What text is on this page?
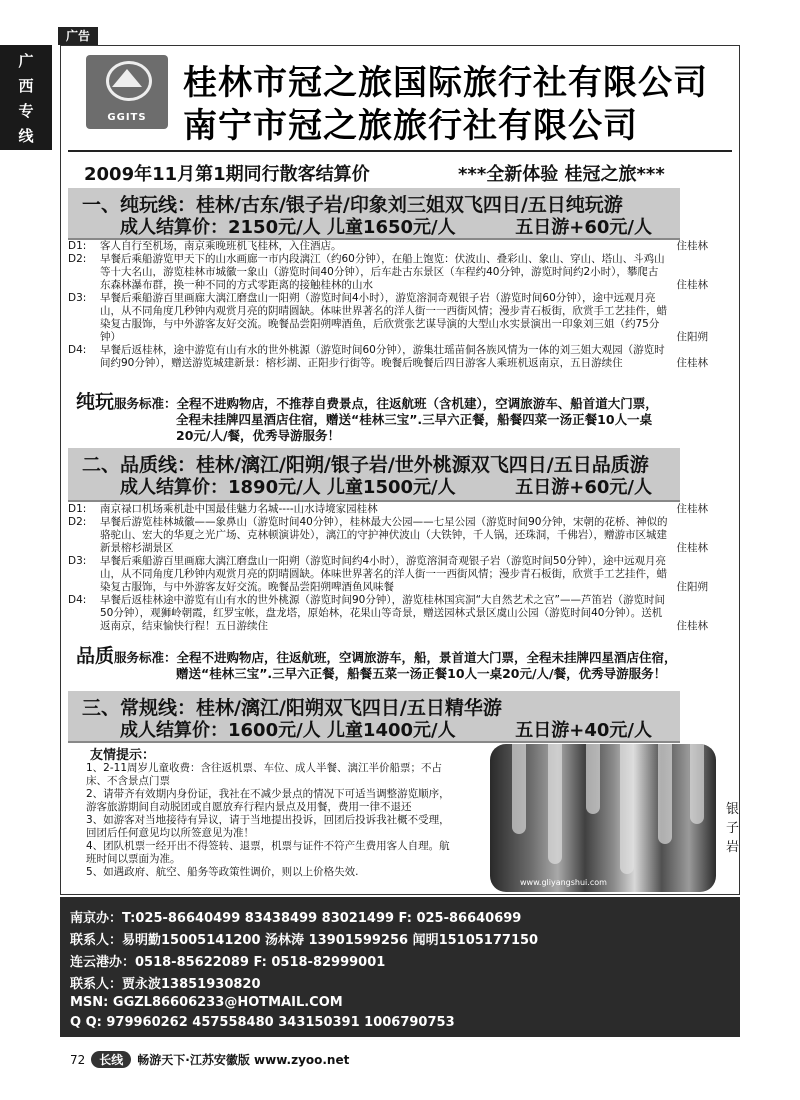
广告
广
西
专
线
GGITS
桂林市冠之旅国际旅行社有限公司
南宁市冠之旅旅行社有限公司
2009年11月第1期同行散客结算价	***全新体验 桂冠之旅***
一、纯玩线：桂林/古东/银子岩/印象刘三姐双飞四日/五日纯玩游
成人结算价：2150元/人 儿童1650元/人	五日游+60元/人
D1:	客人自行至机场，南京乘晚班机飞桂林，入住酒店。	住桂林
D2:	早餐后乘船游览甲天下的山水画廊一市内段漓江（约60分钟），在船上饱览：伏波山、叠彩山、象山、穿山、塔山、斗鸡山等十大名山，游览桂林市城徽一象山（游览时间40分钟），后车赴古东景区（车程约40分钟，游览时间约2小时），攀爬古东森林瀑布群，换一种不同的方式零距离的接触桂林的山水	住桂林
D3:	早餐后乘船游百里画廊大漓江磨盘山一阳朔（游览时间4小时），游览溶洞奇观银子岩（游览时间60分钟），途中远观月亮山，从不同角度几秒钟内观赏月亮的阴晴圆缺。体味世界著名的洋人街一一西街风情；漫步青石板街，欣赏手工艺挂件，蜡染复古服饰，与中外游客友好交流。晚餐品尝阳朔啤酒鱼，后欣赏张艺谋导演的大型山水实景演出一印象刘三姐（约75分钟）	住阳朔
D4:	早餐后返桂林，途中游览有山有水的世外桃源（游览时间60分钟），游集壮瑶苗侗各族风情为一体的刘三姐大观园（游览时间约90分钟），赠送游览城建新景：榕杉湖、正阳步行街等。晚餐后晚餐后四日游客人乘班机返南京，五日游续住	住桂林
纯玩服务标准：全程不进购物店，不推荐自费景点，往返航班（含机建），空调旅游车、船首道大门票，
全程未挂牌四星酒店住宿，赠送“桂林三宝”.三早六正餐，船餐四菜一汤正餐10人一桌
20元/人/餐，优秀导游服务！
二、品质线：桂林/漓江/阳朔/银子岩/世外桃源双飞四日/五日品质游
成人结算价：1890元/人 儿童1500元/人	五日游+60元/人
D1:	南京禄口机场乘机赴中国最佳魅力名城----山水诗境家园桂林	住桂林
D2:	早餐后游览桂林城徽——象鼻山（游览时间40分钟），桂林最大公园——七星公园（游览时间90分钟，宋朝的花桥、神似的骆驼山、宏大的华夏之光广场、克林顿演讲处），漓江的守护神伏波山（大铁钟，千人锅，还珠洞，千佛岩），赠游市区城建新景榕杉湖景区	住桂林
D3:	早餐后乘船游百里画廊大漓江磨盘山一阳朔（游览时间约4小时），游览溶洞奇观银子岩（游览时间50分钟），途中远观月亮山，从不同角度几秒钟内观赏月亮的阴晴圆缺。体味世界著名的洋人街一一西街风情；漫步青石板街，欣赏手工艺挂件，蜡染复古服饰，与中外游客友好交流。晚餐品尝阳朔啤酒鱼风味餐	住阳朔
D4:	早餐后返桂林途中游览有山有水的世外桃源（游览时间90分钟），游览桂林国宾洞“大自然艺术之宫”——芦笛岩（游览时间50分钟），观狮岭朝霞，红罗宝帐，盘龙塔，原始林，花果山等奇景，赠送园林式景区虞山公园（游览时间40分钟）。送机返南京，结束愉快行程！五日游续住	住桂林
品质服务标准：全程不进购物店，往返航班，空调旅游车，船，景首道大门票，全程未挂牌四星酒店住宿，
赠送“桂林三宝”.三早六正餐，船餐五菜一汤正餐10人一桌20元/人/餐，优秀导游服务！
三、常规线：桂林/漓江/阳朔双飞四日/五日精华游
成人结算价：1600元/人 儿童1400元/人	五日游+40元/人
友情提示：
1、2-11周岁儿童收费：含往返机票、车位、成人半餐、漓江半价船票；不占床、不含景点门票
2、请带齐有效期内身份证，我社在不减少景点的情况下可适当调整游览顺序，游客旅游期间自动脱团或自愿放弃行程内景点及用餐，费用一律不退还
3、如游客对当地接待有异议，请于当地提出投诉，回团后投诉我社概不受理，回团后任何意见均以所签意见为准！
4、团队机票一经开出不得签转、退票，机票与证件不符产生费用客人自理。航班时间以票面为准。
5、如遇政府、航空、船务等政策性调价，则以上价格失效.
www.gliyangshui.com
银子岩
南京办：T:025-86640499 83438499 83021499 F: 025-86640699
联系人：易明勤15005141200 汤林涛 13901599256 闻明15105177150
连云港办：0518-85622089 F: 0518-82999001
联系人：贾永波13851930820
MSN: GGZL86606233@HOTMAIL.COM
Q Q: 979960262 457558480 343150391 1006790753
72	长线	畅游天下·江苏安徽版 www.zyoo.net
